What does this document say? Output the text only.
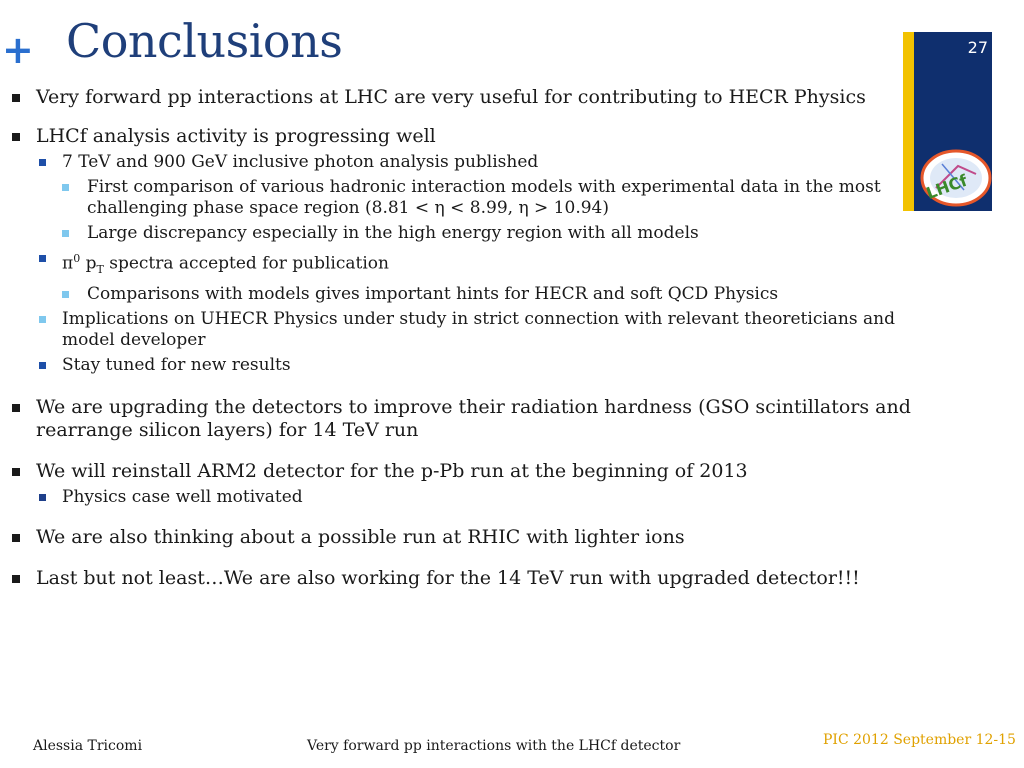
+ Conclusions	27
LHCf
Very forward pp interactions at LHC are very useful for contributing to HECR Physics
LHCf analysis activity is progressing well
7 TeV and 900 GeV inclusive photon analysis published
First comparison of various hadronic interaction models with experimental data in the most challenging phase space region (8.81 < η < 8.99, η > 10.94)
Large discrepancy especially in the high energy region with all models
$\pi^0$ $p_T$ spectra accepted for publication
Comparisons with models gives important hints for HECR and soft QCD Physics
Implications on UHECR Physics under study in strict connection with relevant theoreticians and model developer
Stay tuned for new results
We are upgrading the detectors to improve their radiation hardness (GSO scintillators and rearrange silicon layers) for 14 TeV run
We will reinstall ARM2 detector for the p-Pb run at the beginning of 2013
Physics case well motivated
We are also thinking about a possible run at RHIC with lighter ions
Last but not least…We are also working for the 14 TeV run with upgraded detector!!!
Alessia Tricomi	Very forward pp interactions with the LHCf detector	PIC 2012 September 12-15
